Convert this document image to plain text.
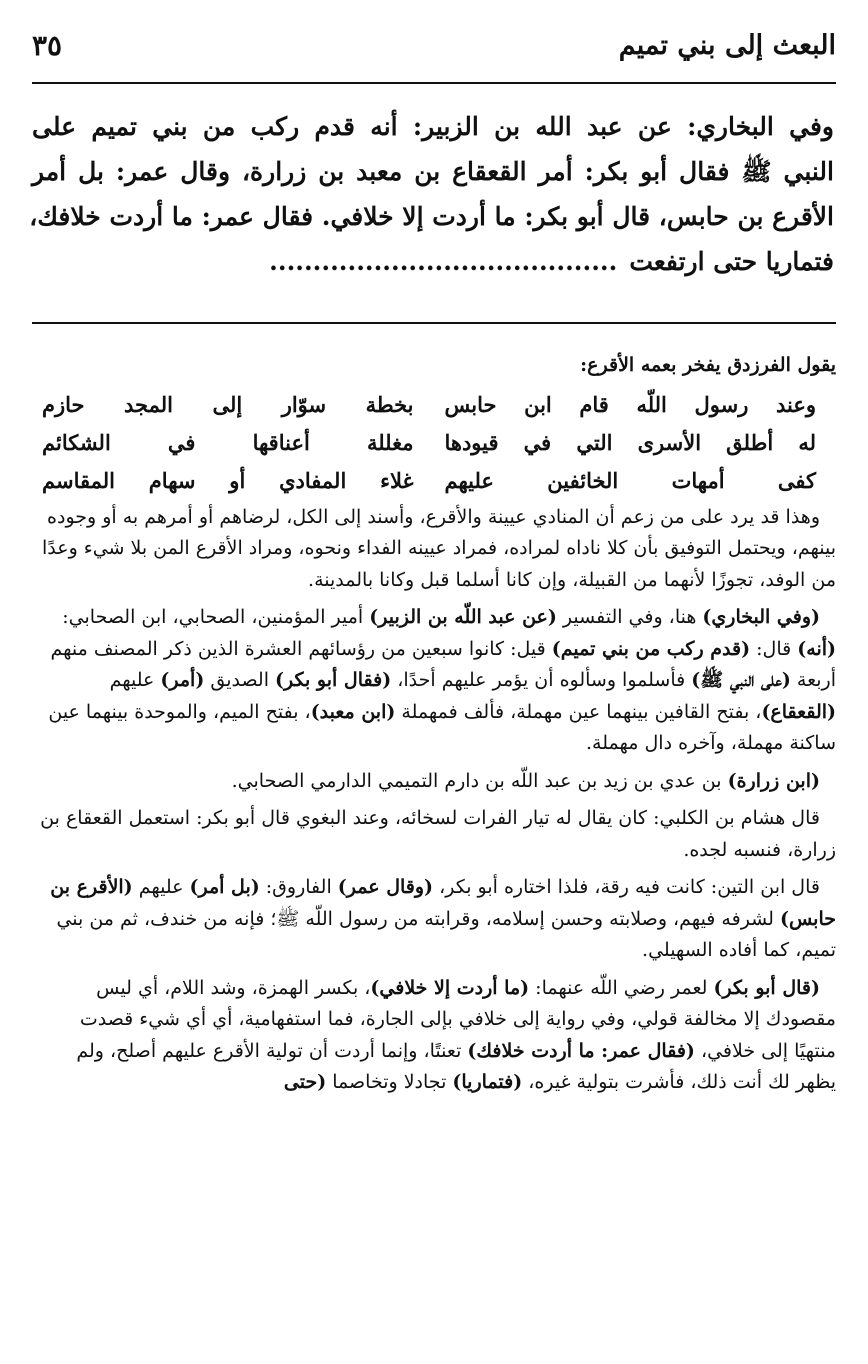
البعث إلى بني تميم
٣٥
وفي البخاري: عن عبد الله بن الزبير: أنه قدم ركب من بني تميم على
النبي ﷺ فقال أبو بكر: أمر القعقاع بن معبد بن زرارة، وقال عمر: بل أمر
الأقرع بن حابس، قال أبو بكر: ما أردت إلا خلافي. فقال عمر: ما أردت خلافك،
فتماريا حتى ارتفعت........................................

يقول الفرزدق يفخر بعمه الأقرع:

وعند رسول اللّه قام ابن حابس
بخطة سوّار إلى المجد حازم
له أطلق الأسرى التي في قيودها
مغللة أعناقها في الشكائم
كفى أمهات الخائفين عليهم
غلاء المفادي أو سهام المقاسم

وهذا قد يرد على من زعم أن المنادي عيينة والأقرع، وأسند إلى الكل، لرضاهم أو أمرهم به أو وجوده بينهم، ويحتمل التوفيق بأن كلا ناداه لمراده، فمراد عيينه الفداء ونحوه، ومراد الأقرع المن بلا شيء وعدًا من الوفد، تجوزًا لأنهما من القبيلة، وإن كانا أسلما قبل وكانا بالمدينة.

(وفي البخاري) هنا، وفي التفسير (عن عبد اللّه بن الزبير) أمير المؤمنين، الصحابي، ابن الصحابي: (أنه) قال: (قدم ركب من بني تميم) قيل: كانوا سبعين من رؤسائهم العشرة الذين ذكر المصنف منهم أربعة (على النبي ﷺ) فأسلموا وسألوه أن يؤمر عليهم أحدًا، (فقال أبو بكر) الصديق (أمر) عليهم (القعقاع)، بفتح القافين بينهما عين مهملة، فألف فمهملة (ابن معبد)، بفتح الميم، والموحدة بينهما عين ساكنة مهملة، وآخره دال مهملة.

(ابن زرارة) بن عدي بن زيد بن عبد اللّه بن دارم التميمي الدارمي الصحابي.

قال هشام بن الكلبي: كان يقال له تيار الفرات لسخائه، وعند البغوي قال أبو بكر: استعمل القعقاع بن زرارة، فنسبه لجده.

قال ابن التين: كانت فيه رقة، فلذا اختاره أبو بكر، (وقال عمر) الفاروق: (بل أمر) عليهم (الأقرع بن حابس) لشرفه فيهم، وصلابته وحسن إسلامه، وقرابته من رسول اللّه ﷺ؛ فإنه من خندف، ثم من بني تميم، كما أفاده السهيلي.

(قال أبو بكر) لعمر رضي اللّه عنهما: (ما أردت إلا خلافي)، بكسر الهمزة، وشد اللام، أي ليس مقصودك إلا مخالفة قولي، وفي رواية إلى خلافي بإلى الجارة، فما استفهامية، أي أي شيء قصدت منتهيًا إلى خلافي، (فقال عمر: ما أردت خلافك) تعنتًا، وإنما أردت أن تولية الأقرع عليهم أصلح، ولم يظهر لك أنت ذلك، فأشرت بتولية غيره، (فتماريا) تجادلا وتخاصما (حتى
